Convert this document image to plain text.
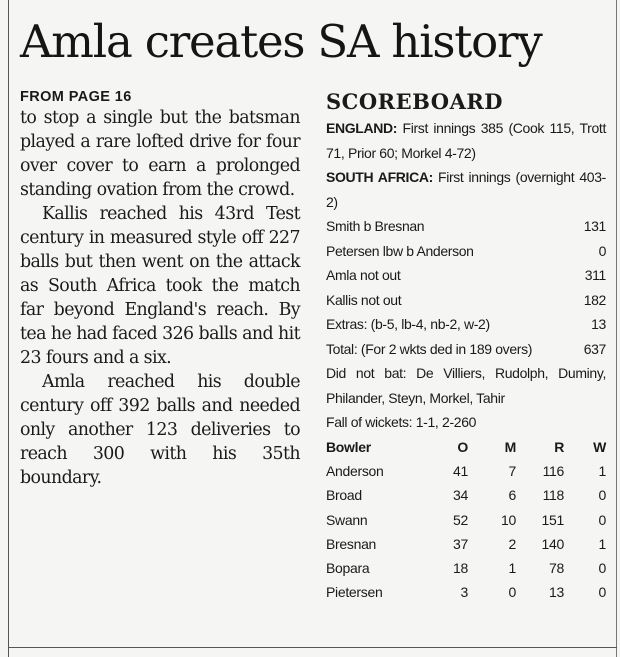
Amla creates SA history
FROM PAGE 16

to stop a single but the batsman played a rare lofted drive for four over cover to earn a prolonged standing ovation from the crowd.

Kallis reached his 43rd Test century in measured style off 227 balls but then went on the attack as South Africa took the match far beyond England's reach. By tea he had faced 326 balls and hit 23 fours and a six.

Amla reached his double century off 392 balls and needed only another 123 deliveries to reach 300 with his 35th boundary.

SCOREBOARD
ENGLAND: First innings 385 (Cook 115, Trott 71, Prior 60; Morkel 4-72)
SOUTH AFRICA: First innings (overnight 403-2)
Smith b Bresnan	131
Petersen lbw b Anderson	0
Amla not out	311
Kallis not out	182
Extras: (b-5, lb-4, nb-2, w-2)	13
Total: (For 2 wkts ded in 189 overs)	637
Did not bat: De Villiers, Rudolph, Duminy, Philander, Steyn, Morkel, Tahir
Fall of wickets: 1-1, 2-260
Bowler	O	M	R	W
Anderson	41	7	116	1
Broad	34	6	118	0
Swann	52	10	151	0
Bresnan	37	2	140	1
Bopara	18	1	78	0
Pietersen	3	0	13	0
